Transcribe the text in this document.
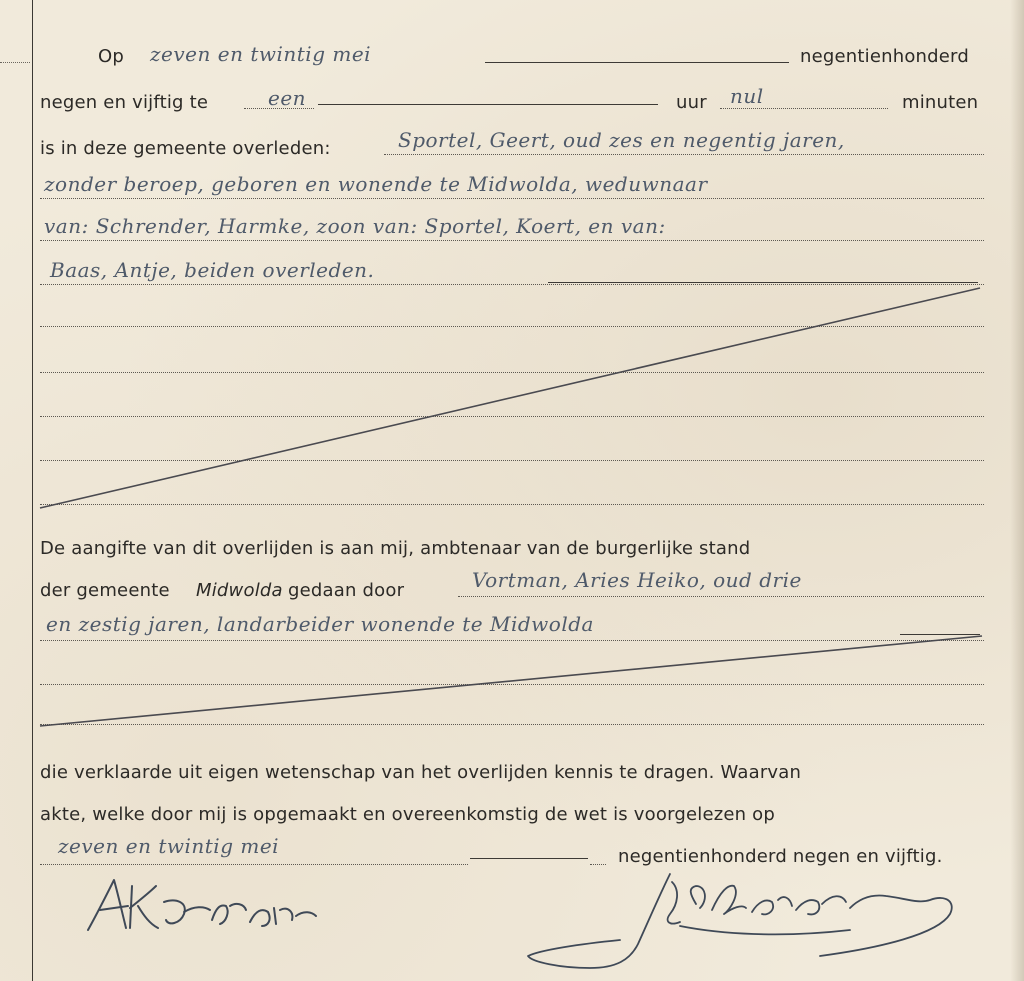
Op zeven en twintig mei	negentienhonderd
negen en vijftig te	een	uur nul	minuten
is in deze gemeente overleden:	Sportel, Geert, oud zes en negentig jaren,
zonder beroep, geboren en wonende te Midwolda, weduwnaar
van: Schrender, Harmke, zoon van: Sportel, Koert, en van:
Baas, Antje, beiden overleden.
De aangifte van dit overlijden is aan mij, ambtenaar van de burgerlijke stand
der gemeente Midwolda gedaan door	Vortman, Aries Heiko, oud drie
en zestig jaren, landarbeider wonende te Midwolda
die verklaarde uit eigen wetenschap van het overlijden kennis te dragen. Waarvan
akte, welke door mij is opgemaakt en overeenkomstig de wet is voorgelezen op
zeven en twintig mei	negentienhonderd negen en vijftig.
